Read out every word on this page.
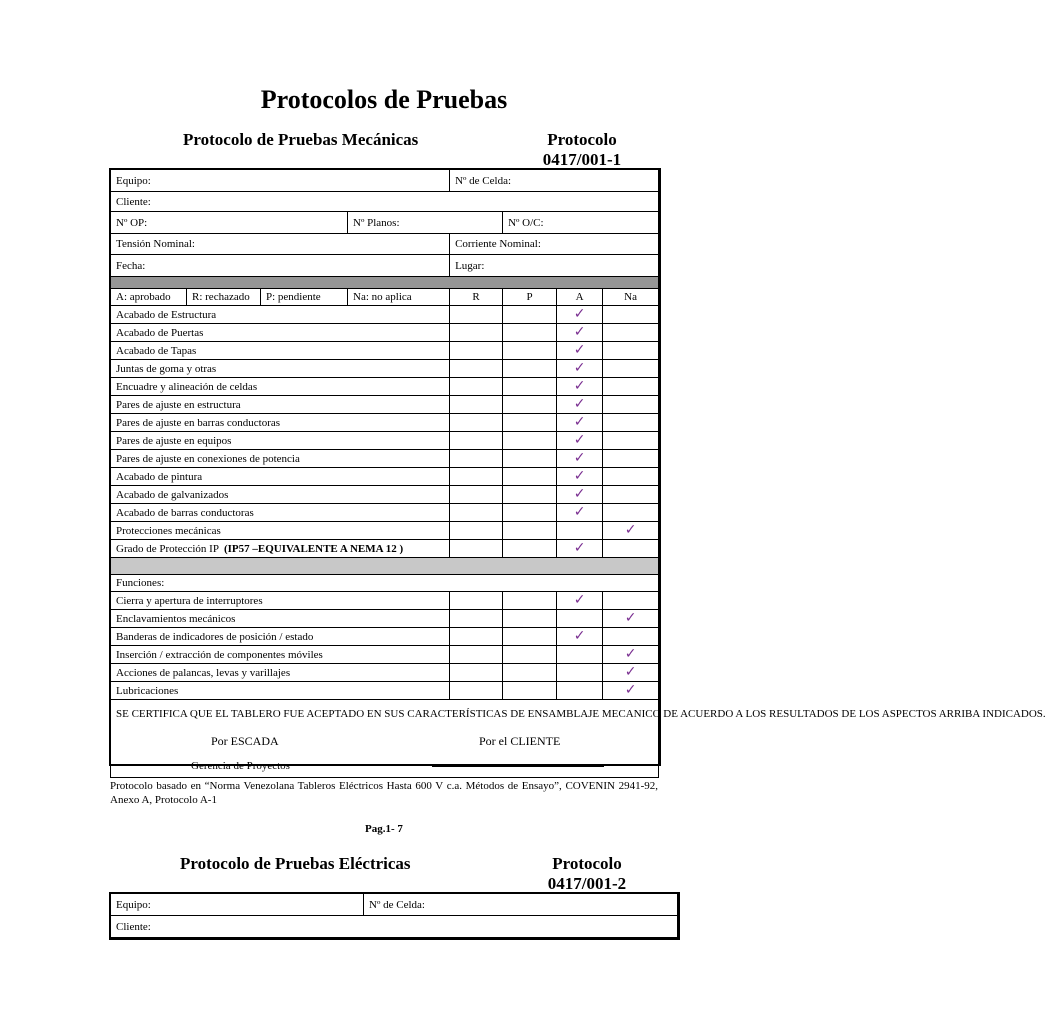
Protocolos de Pruebas
Protocolo de Pruebas Mecánicas	Protocolo
0417/001-1
Equipo:				Nº de Celda:			
Cliente:							
Nº OP:			Nº Planos:		Nº O/C:		
Tensión Nominal:				Corriente Nominal:			
Fecha:				Lugar:			

A: aprobado	R: rechazado	P: pendiente	Na: no aplica	R	P	A	Na
Acabado de Estructura						✓	
Acabado de Puertas						✓	
Acabado de Tapas						✓	
Juntas de goma y otras						✓	
Encuadre y alineación de celdas						✓	
Pares de ajuste en estructura						✓	
Pares de ajuste en barras conductoras						✓	
Pares de ajuste en equipos						✓	
Pares de ajuste en conexiones de potencia						✓	
Acabado de pintura						✓	
Acabado de galvanizados						✓	
Acabado de barras conductoras						✓	
Protecciones mecánicas							✓
Grado de Protección IP (IP57 –EQUIVALENTE A NEMA 12 )						✓	

Funciones:							
Cierra y apertura de interruptores						✓	
Enclavamientos mecánicos							✓
Banderas de indicadores de posición / estado						✓	
Inserción / extracción de componentes móviles							✓
Acciones de palancas, levas y varillajes							✓
Lubricaciones							✓

SE CERTIFICA QUE EL TABLERO FUE ACEPTADO EN SUS CARACTERÍSTICAS DE ENSAMBLAJE MECANICO DE ACUERDO A LOS RESULTADOS DE LOS ASPECTOS ARRIBA INDICADOS.
Por ESCADA
Gerencia de Proyectos
Por el CLIENTE							
Protocolo basado en “Norma Venezolana Tableros Eléctricos Hasta 600 V c.a. Métodos de Ensayo”, COVENIN 2941-92, Anexo A, Protocolo A-1
Pag.1- 7
Protocolo de Pruebas Eléctricas	Protocolo
0417/001-2
Equipo:	Nº de Celda:
Cliente:
